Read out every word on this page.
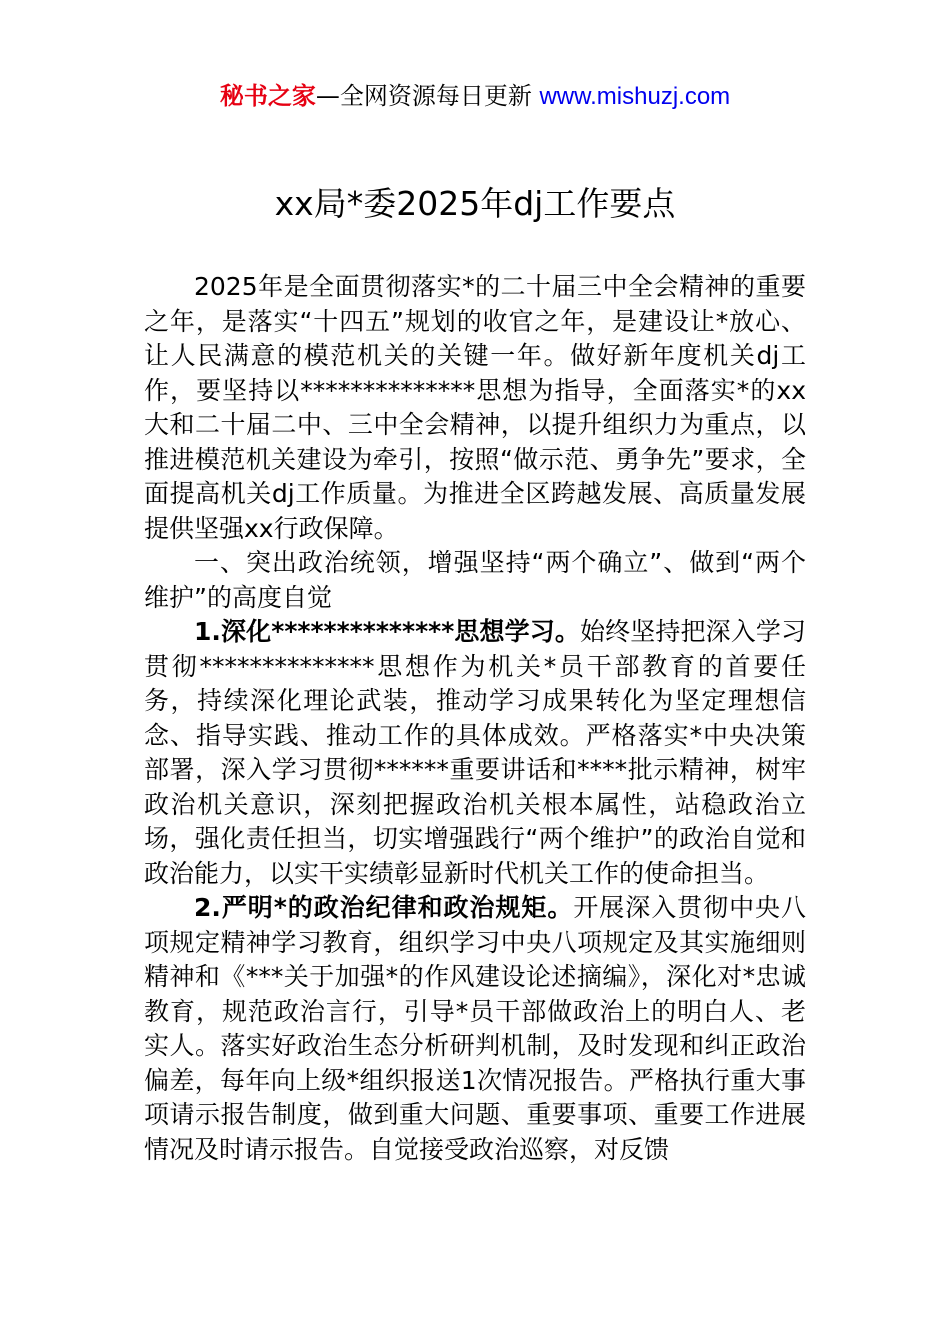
秘书之家—全网资源每日更新 www.mishuzj.com
xx局*委2025年dj工作要点

2025年是全面贯彻落实*的二十届三中全会精神的重要之年，是落实“十四五”规划的收官之年，是建设让*放心、让人民满意的模范机关的关键一年。做好新年度机关dj工作，要坚持以**************思想为指导，全面落实*的xx大和二十届二中、三中全会精神，以提升组织力为重点，以推进模范机关建设为牵引，按照“做示范、勇争先”要求，全面提高机关dj工作质量。为推进全区跨越发展、高质量发展提供坚强xx行政保障。

一、突出政治统领，增强坚持“两个确立”、做到“两个维护”的高度自觉

1.深化**************思想学习。始终坚持把深入学习贯彻**************思想作为机关*员干部教育的首要任务，持续深化理论武装，推动学习成果转化为坚定理想信念、指导实践、推动工作的具体成效。严格落实*中央决策部署，深入学习贯彻******重要讲话和****批示精神，树牢政治机关意识，深刻把握政治机关根本属性，站稳政治立场，强化责任担当，切实增强践行“两个维护”的政治自觉和政治能力，以实干实绩彰显新时代机关工作的使命担当。

2.严明*的政治纪律和政治规矩。开展深入贯彻中央八项规定精神学习教育，组织学习中央八项规定及其实施细则精神和《***关于加强*的作风建设论述摘编》，深化对*忠诚教育，规范政治言行，引导*员干部做政治上的明白人、老实人。落实好政治生态分析研判机制，及时发现和纠正政治偏差，每年向上级*组织报送1次情况报告。严格执行重大事项请示报告制度，做到重大问题、重要事项、重要工作进展情况及时请示报告。自觉接受政治巡察，对反馈
